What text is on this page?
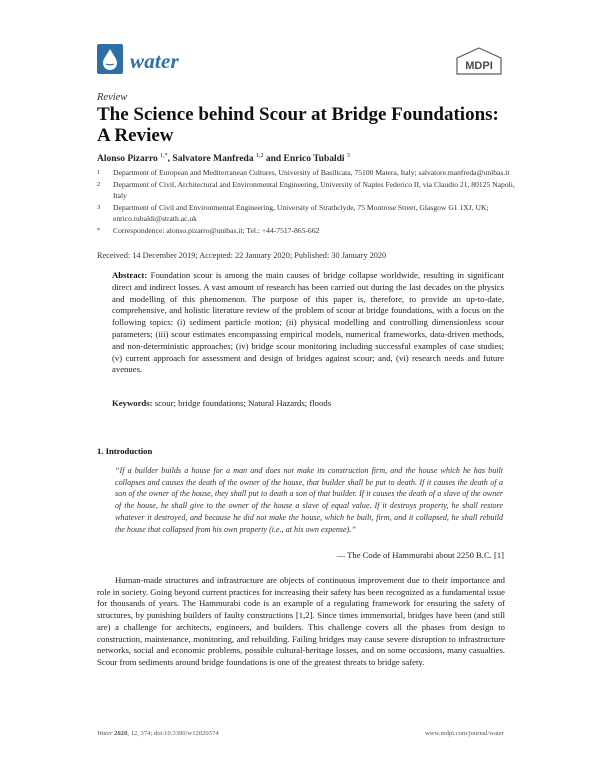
water	MDPI
Review
The Science behind Scour at Bridge Foundations:
A Review
Alonso Pizarro $^{1,*}$, Salvatore Manfreda $^{1,2}$ and Enrico Tubaldi $^3$
1	Department of European and Mediterranean Cultures, University of Basilicata, 75100 Matera, Italy; salvatore.manfreda@unibas.it
2	Department of Civil, Architectural and Environmental Engineering, University of Naples Federico II, via Claudio 21, 80125 Napoli, Italy
3	Department of Civil and Environmental Engineering, University of Strathclyde, 75 Montrose Street, Glasgow G1 1XJ, UK; enrico.tubaldi@strath.ac.uk
*	Correspondence: alonso.pizarro@unibas.it; Tel.: +44-7517-865-662
Received: 14 December 2019; Accepted: 22 January 2020; Published: 30 January 2020
Abstract: Foundation scour is among the main causes of bridge collapse worldwide, resulting in significant direct and indirect losses. A vast amount of research has been carried out during the last decades on the physics and modelling of this phenomenon. The purpose of this paper is, therefore, to provide an up-to-date, comprehensive, and holistic literature review of the problem of scour at bridge foundations, with a focus on the following topics: (i) sediment particle motion; (ii) physical modelling and controlling dimensionless scour parameters; (iii) scour estimates encompassing empirical models, numerical frameworks, data-driven methods, and non-deterministic approaches; (iv) bridge scour monitoring including successful examples of case studies; (v) current approach for assessment and design of bridges against scour; and, (vi) research needs and future avenues.
Keywords: scour; bridge foundations; Natural Hazards; floods
1. Introduction
“If a builder builds a house for a man and does not make its construction firm, and the house which he has built collapses and causes the death of the owner of the house, that builder shall be put to death. If it causes the death of a son of the owner of the house, they shall put to death a son of that builder. If it causes the death of a slave of the owner of the house, he shall give to the owner of the house a slave of equal value. If it destroys property, he shall restore whatever it destroyed, and because he did not make the house, which he built, firm, and it collapsed, he shall rebuild the house that collapsed from his own property (i.e., at his own expense).”
— The Code of Hammurabi about 2250 B.C. [1]
Human-made structures and infrastructure are objects of continuous improvement due to their importance and role in society. Going beyond current practices for increasing their safety has been recognized as a fundamental issue for thousands of years. The Hammurabi code is an example of a regulating framework for ensuring the safety of structures, by punishing builders of faulty constructions [1,2]. Since times immemorial, bridges have been (and still are) a challenge for architects, engineers, and builders. This challenge covers all the phases from design to construction, maintenance, monitoring, and rebuilding. Failing bridges may cause severe disruption to infrastructure networks, social and economic problems, possible cultural-heritage losses, and on some occasions, many casualties. Scour from sediments around bridge foundations is one of the greatest threats to bridge safety.
Water 2020, 12, 374; doi:10.3390/w12020374	www.mdpi.com/journal/water
